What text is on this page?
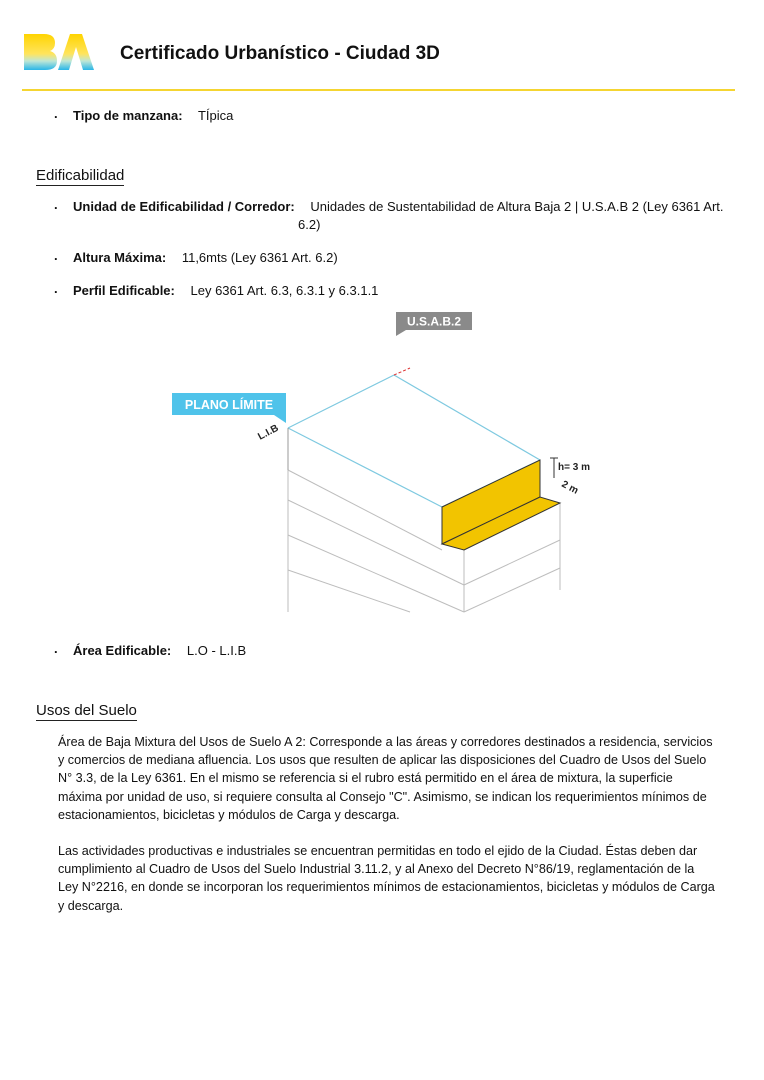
Certificado Urbanístico - Ciudad 3D
. Tipo de manzana: TÍpica
Edificabilidad
. Unidad de Edificabilidad / Corredor: Unidades de Sustentabilidad de Altura Baja 2 | U.S.A.B 2 (Ley 6361 Art.
6.2)
. Altura Máxima: 11,6mts (Ley 6361 Art. 6.2)
. Perfil Edificable: Ley 6361 Art. 6.3, 6.3.1 y 6.3.1.1
U.S.A.B.2
PLANO LÍMITE
L.I.B
h= 3 m
2 m
. Área Edificable: L.O - L.I.B
Usos del Suelo
Área de Baja Mixtura del Usos de Suelo A 2: Corresponde a las áreas y corredores destinados a residencia, servicios
y comercios de mediana afluencia. Los usos que resulten de aplicar las disposiciones del Cuadro de Usos del Suelo
N° 3.3, de la Ley 6361. En el mismo se referencia si el rubro está permitido en el área de mixtura, la superficie
máxima por unidad de uso, si requiere consulta al Consejo "C". Asimismo, se indican los requerimientos mínimos de
estacionamientos, bicicletas y módulos de Carga y descarga.
Las actividades productivas e industriales se encuentran permitidas en todo el ejido de la Ciudad. Éstas deben dar
cumplimiento al Cuadro de Usos del Suelo Industrial 3.11.2, y al Anexo del Decreto N°86/19, reglamentación de la
Ley N°2216, en donde se incorporan los requerimientos mínimos de estacionamientos, bicicletas y módulos de Carga
y descarga.
